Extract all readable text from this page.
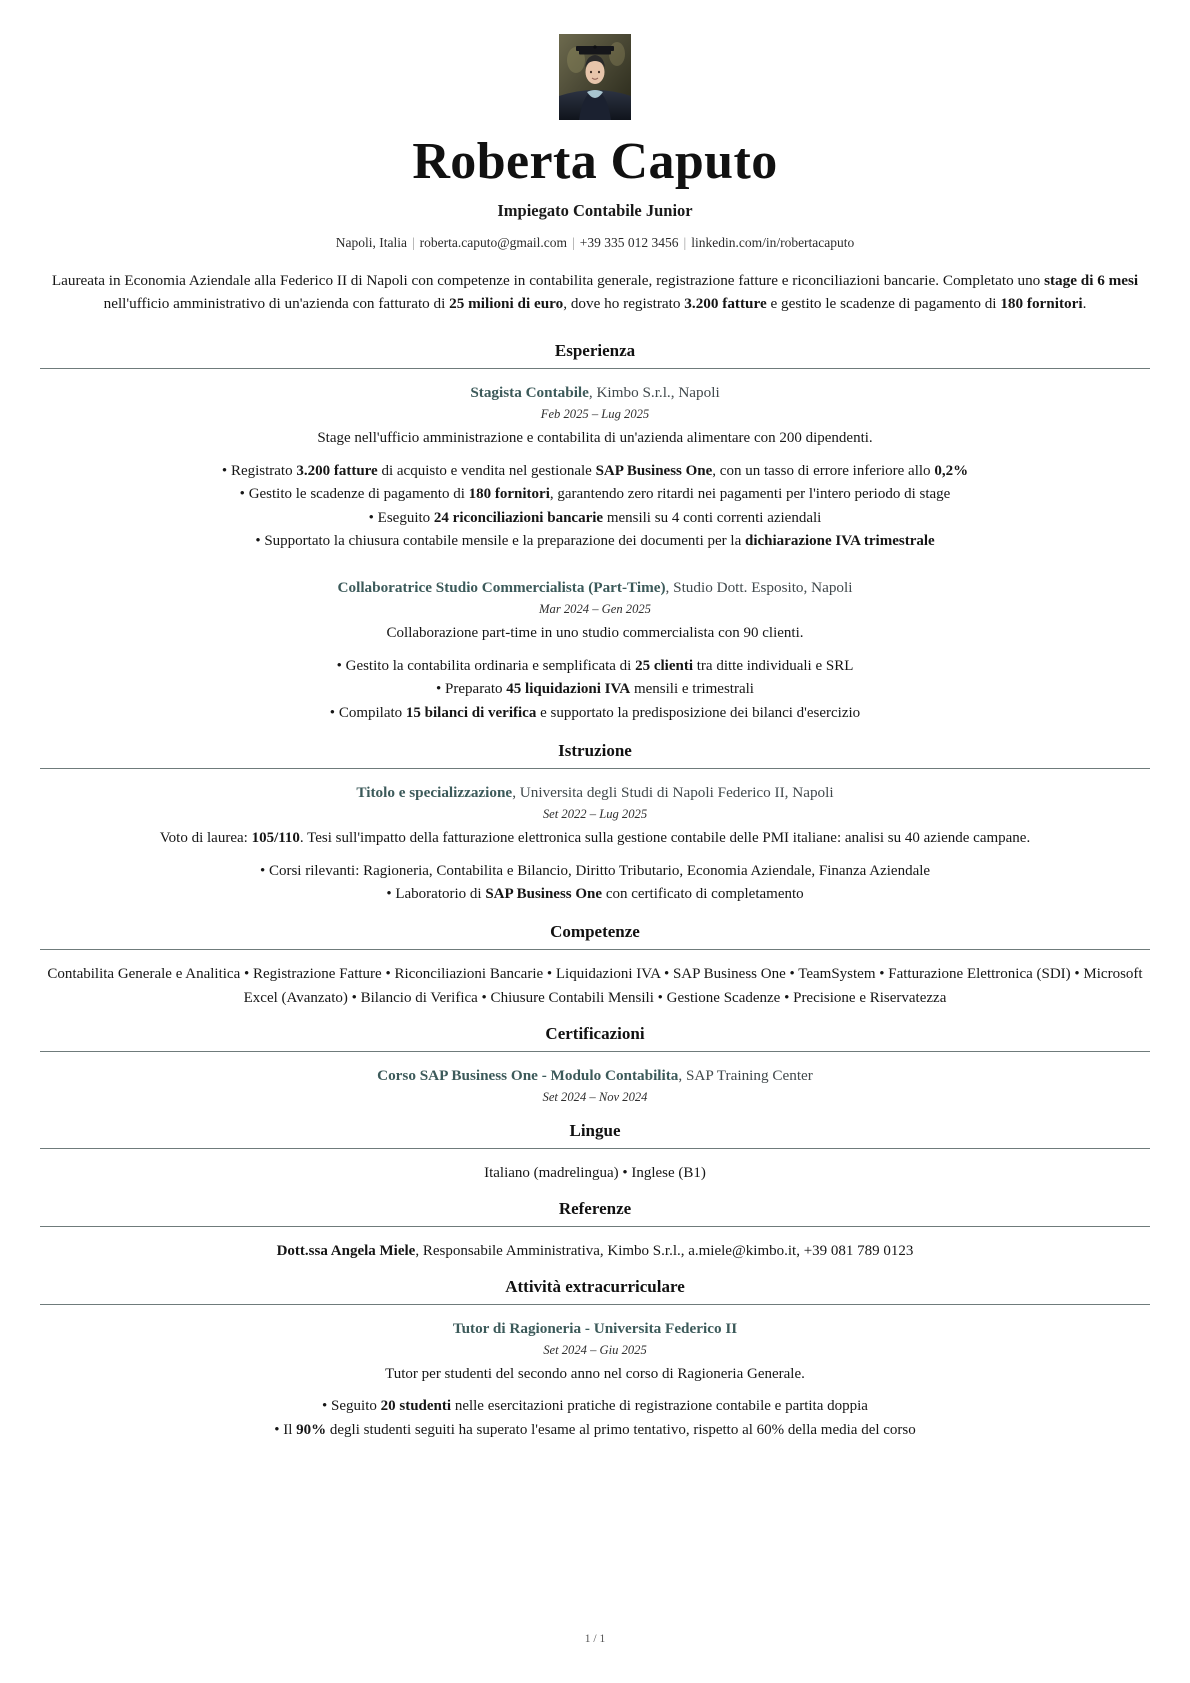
Roberta Caputo
Impiegato Contabile Junior
Napoli, Italia | roberta.caputo@gmail.com | +39 335 012 3456 | linkedin.com/in/robertacaputo
Laureata in Economia Aziendale alla Federico II di Napoli con competenze in contabilita generale, registrazione fatture e riconciliazioni bancarie. Completato uno stage di 6 mesi nell'ufficio amministrativo di un'azienda con fatturato di 25 milioni di euro, dove ho registrato 3.200 fatture e gestito le scadenze di pagamento di 180 fornitori.
Esperienza
Stagista Contabile, Kimbo S.r.l., Napoli
Feb 2025 – Lug 2025
Stage nell'ufficio amministrazione e contabilita di un'azienda alimentare con 200 dipendenti.
• Registrato 3.200 fatture di acquisto e vendita nel gestionale SAP Business One, con un tasso di errore inferiore allo 0,2%
• Gestito le scadenze di pagamento di 180 fornitori, garantendo zero ritardi nei pagamenti per l'intero periodo di stage
• Eseguito 24 riconciliazioni bancarie mensili su 4 conti correnti aziendali
• Supportato la chiusura contabile mensile e la preparazione dei documenti per la dichiarazione IVA trimestrale
Collaboratrice Studio Commercialista (Part-Time), Studio Dott. Esposito, Napoli
Mar 2024 – Gen 2025
Collaborazione part-time in uno studio commercialista con 90 clienti.
• Gestito la contabilita ordinaria e semplificata di 25 clienti tra ditte individuali e SRL
• Preparato 45 liquidazioni IVA mensili e trimestrali
• Compilato 15 bilanci di verifica e supportato la predisposizione dei bilanci d'esercizio
Istruzione
Titolo e specializzazione, Universita degli Studi di Napoli Federico II, Napoli
Set 2022 – Lug 2025
Voto di laurea: 105/110. Tesi sull'impatto della fatturazione elettronica sulla gestione contabile delle PMI italiane: analisi su 40 aziende campane.
• Corsi rilevanti: Ragioneria, Contabilita e Bilancio, Diritto Tributario, Economia Aziendale, Finanza Aziendale
• Laboratorio di SAP Business One con certificato di completamento
Competenze
Contabilita Generale e Analitica • Registrazione Fatture • Riconciliazioni Bancarie • Liquidazioni IVA • SAP Business One • TeamSystem • Fatturazione Elettronica (SDI) • Microsoft Excel (Avanzato) • Bilancio di Verifica • Chiusure Contabili Mensili • Gestione Scadenze • Precisione e Riservatezza
Certificazioni
Corso SAP Business One - Modulo Contabilita, SAP Training Center
Set 2024 – Nov 2024
Lingue
Italiano (madrelingua) • Inglese (B1)
Referenze
Dott.ssa Angela Miele, Responsabile Amministrativa, Kimbo S.r.l., a.miele@kimbo.it, +39 081 789 0123
Attività extracurriculare
Tutor di Ragioneria - Universita Federico II
Set 2024 – Giu 2025
Tutor per studenti del secondo anno nel corso di Ragioneria Generale.
• Seguito 20 studenti nelle esercitazioni pratiche di registrazione contabile e partita doppia
• Il 90% degli studenti seguiti ha superato l'esame al primo tentativo, rispetto al 60% della media del corso
1 / 1
